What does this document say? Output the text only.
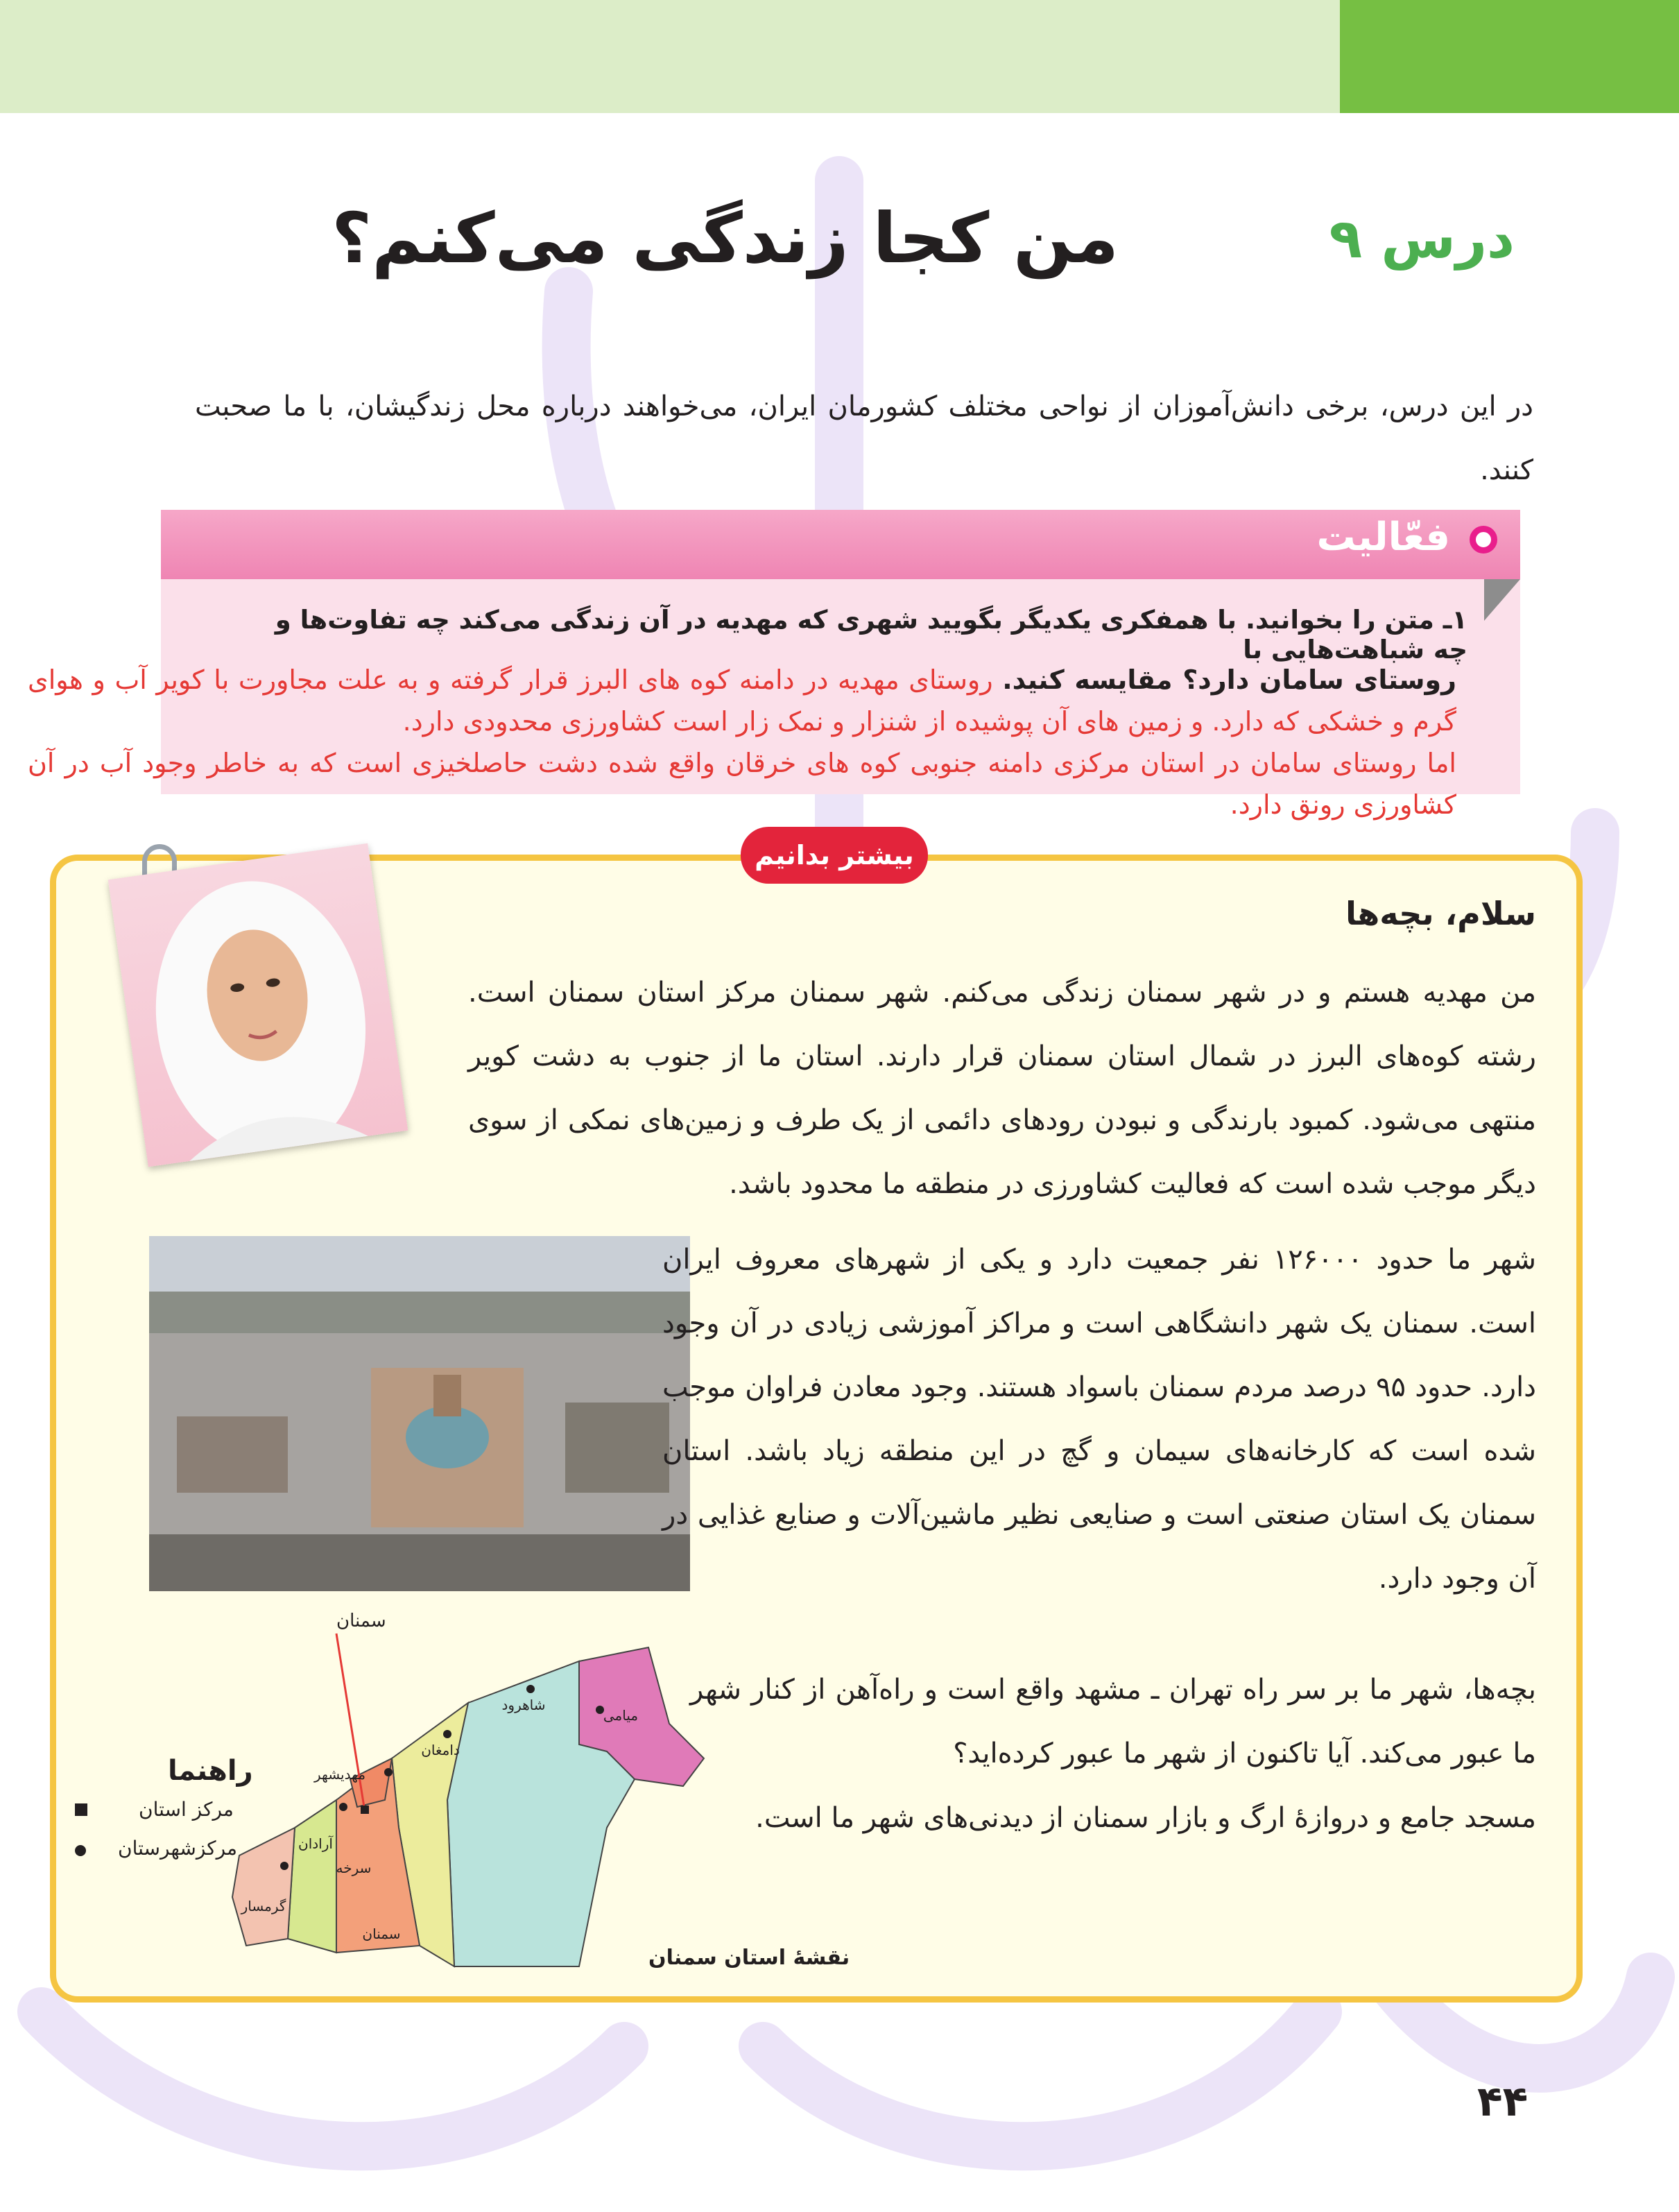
درس ۹
من کجا زندگی می‌کنم؟
در این درس، برخی دانش‌آموزان از نواحی مختلف کشورمان ایران، می‌خواهند درباره محل زندگیشان، با ما صحبت کنند.
فعّالیت
۱ـ متن را بخوانید. با همفکری یکدیگر بگویید شهری که مهدیه در آن زندگی می‌کند چه تفاوت‌ها و چه شباهت‌هایی با
روستای سامان دارد؟ مقایسه کنید. روستای مهدیه در دامنه کوه های البرز قرار گرفته و به علت مجاورت با کویر آب و هوای گرم و خشکی که دارد. و زمین های آن پوشیده از شنزار و نمک زار است کشاورزی محدودی دارد.
اما روستای سامان در استان مرکزی دامنه جنوبی کوه های خرقان واقع شده دشت حاصلخیزی است که به خاطر وجود آب در آن کشاورزی رونق دارد.
بیشتر بدانیم
سلام، بچه‌ها
من مهدیه هستم و در شهر سمنان زندگی می‌کنم. شهر سمنان مرکز استان سمنان است. رشته کوه‌های البرز در شمال استان سمنان قرار دارند. استان ما از جنوب به دشت کویر منتهی می‌شود. کمبود بارندگی و نبودن رودهای دائمی از یک طرف و زمین‌های نمکی از سوی دیگر موجب شده است که فعالیت کشاورزی در منطقه ما محدود باشد.
شهر ما حدود ۱۲۶۰۰۰ نفر جمعیت دارد و یکی از شهرهای معروف ایران است. سمنان یک شهر دانشگاهی است و مراکز آموزشی زیادی در آن وجود دارد. حدود ۹۵ درصد مردم سمنان باسواد هستند. وجود معادن فراوان موجب شده است که کارخانه‌های سیمان و گچ در این منطقه زیاد باشد. استان سمنان یک استان صنعتی است و صنایعی نظیر ماشین‌آلات و صنایع غذایی در آن وجود دارد.
بچه‌ها، شهر ما بر سر راه تهران ـ مشهد واقع است و راه‌آهن از کنار شهر ما عبور می‌کند. آیا تاکنون از شهر ما عبور کرده‌اید؟
مسجد جامع و دروازهٔ ارگ و بازار سمنان از دیدنی‌های شهر ما است.
سمنان
میامی
شاهرود
دامغان
مهدیشهر
سمنان
سرخه
آرادان
گرمسار
راهنما
مرکز استان
مرکزشهرستان
نقشهٔ استان سمنان
۴۴
